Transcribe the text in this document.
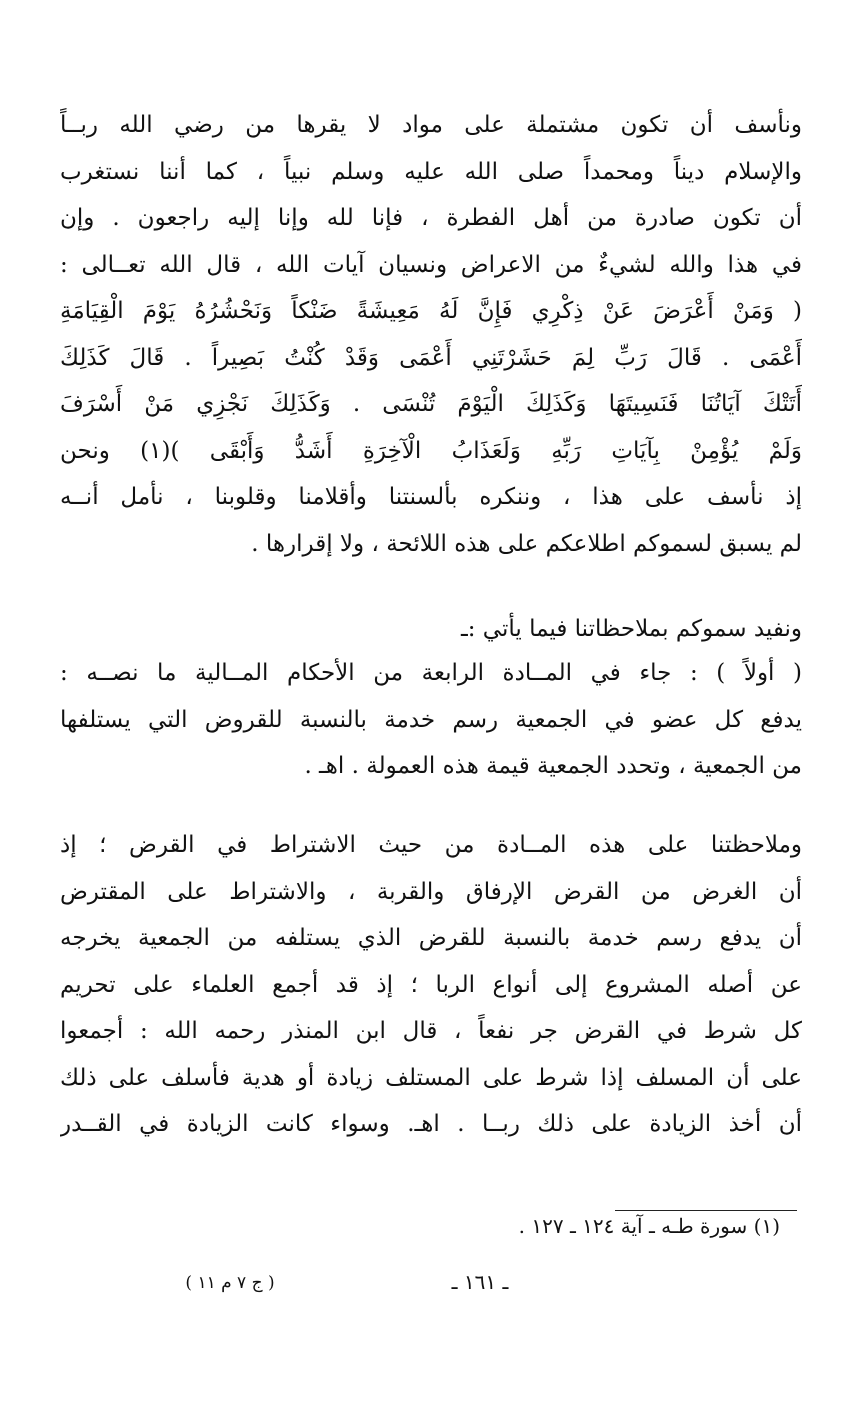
ونأسف أن تكون مشتملة على مواد لا يقرها من رضي الله ربــاً
والإسلام ديناً ومحمداً صلى الله عليه وسلم نبياً ، كما أننا نستغرب
أن تكون صادرة من أهل الفطرة ، فإنا لله وإنا إليه راجعون . وإن
في هذا والله لشيءٌ من الاعراض ونسيان آيات الله ، قال الله تعــالى :
( وَمَنْ أَعْرَضَ عَنْ ذِكْرِي فَإِنَّ لَهُ مَعِيشَةً ضَنْكاً وَنَحْشُرُهُ يَوْمَ الْقِيَامَةِ
أَعْمَى . قَالَ رَبِّ لِمَ حَشَرْتَنِي أَعْمَى وَقَدْ كُنْتُ بَصِيراً . قَالَ كَذَلِكَ
أَتَتْكَ آيَاتُنَا فَنَسِيتَهَا وَكَذَلِكَ الْيَوْمَ تُنْسَى . وَكَذَلِكَ نَجْزِي مَنْ أَسْرَفَ
وَلَمْ يُؤْمِنْ بِآيَاتِ رَبِّهِ وَلَعَذَابُ الْآخِرَةِ أَشَدُّ وَأَبْقَى )(١) ونحن
إذ نأسف على هذا ، وننكره بألسنتنا وأقلامنا وقلوبنا ، نأمل أنــه
لم يسبق لسموكم اطلاعكم على هذه اللائحة ، ولا إقرارها .
ونفيد سموكم بملاحظاتنا فيما يأتي :ـ
( أولاً ) : جاء في المــادة الرابعة من الأحكام المــالية ما نصــه :
يدفع كل عضو في الجمعية رسم خدمة بالنسبة للقروض التي يستلفها
من الجمعية ، وتحدد الجمعية قيمة هذه العمولة . اهـ .
وملاحظتنا على هذه المــادة من حيث الاشتراط في القرض ؛ إذ
أن الغرض من القرض الإرفاق والقربة ، والاشتراط على المقترض
أن يدفع رسم خدمة بالنسبة للقرض الذي يستلفه من الجمعية يخرجه
عن أصله المشروع إلى أنواع الربا ؛ إذ قد أجمع العلماء على تحريم
كل شرط في القرض جر نفعاً ، قال ابن المنذر رحمه الله : أجمعوا
على أن المسلف إذا شرط على المستلف زيادة أو هدية فأسلف على ذلك
أن أخذ الزيادة على ذلك ربــا . اهـ. وسواء كانت الزيادة في القــدر
(١) سورة طـه ـ آية ١٢٤ ـ ١٢٧ .
ـ ١٦١ ـ
( ج ٧ م ١١ )
